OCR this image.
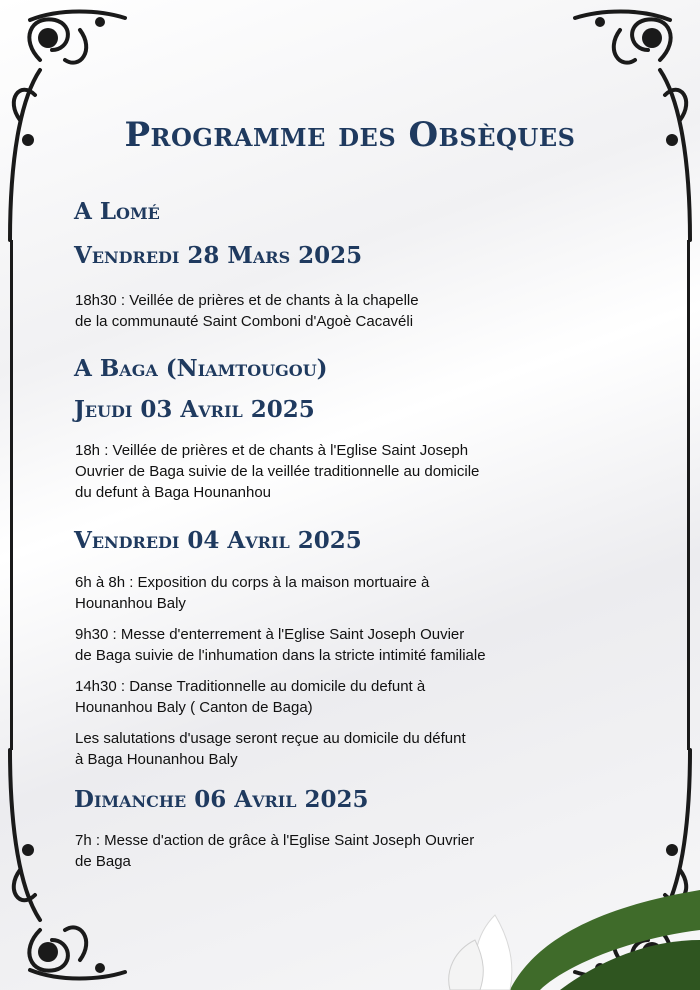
Programme des Obsèques
A Lomé
Vendredi 28 Mars 2025
A Baga (Niamtougou)
Jeudi 03 Avril 2025
Vendredi 04 Avril 2025
Dimanche 06 Avril 2025
18h30 : Veillée de prières et de chants à la chapelle
de la communauté Saint Comboni d'Agoè Cacavéli
18h : Veillée de prières et de chants à l'Eglise Saint Joseph
Ouvrier de Baga suivie de la veillée traditionnelle au domicile
du defunt à Baga Hounanhou
6h à 8h : Exposition du corps à la maison mortuaire à
Hounanhou Baly
9h30 : Messe d'enterrement à l'Eglise Saint Joseph Ouvier
de Baga suivie de l'inhumation dans la stricte intimité familiale
14h30 : Danse Traditionnelle au domicile du defunt à
Hounanhou Baly ( Canton de Baga)
Les salutations d'usage seront reçue au domicile du défunt
à Baga Hounanhou Baly
7h : Messe d'action de grâce à l'Eglise Saint Joseph Ouvrier
de Baga
